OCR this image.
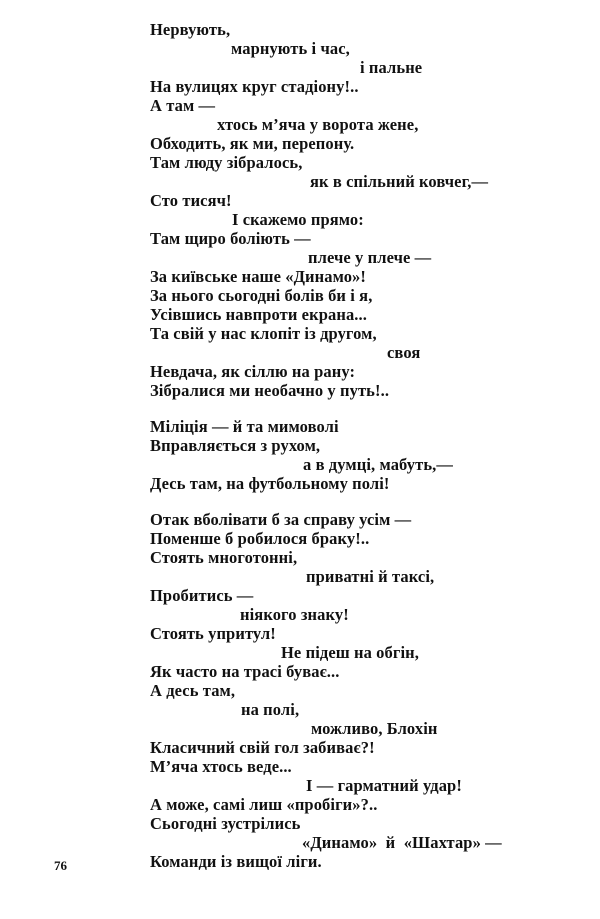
Нервують,
марнують і час,
і пальне
На вулицях круг стадіону!..
А там —
хтось м’яча у ворота жене,
Обходить, як ми, перепону.
Там люду зібралось,
як в спільний ковчег,—
Сто тисяч!
І скажемо прямо:
Там щиро боліють —
плече у плече —
За київське наше «Динамо»!
За нього сьогодні болів би і я,
Усівшись навпроти екрана...
Та свій у нас клопіт із другом,
своя
Невдача, як сіллю на рану:
Зібралися ми необачно у путь!..
Міліція — й та мимоволі
Вправляється з рухом,
а в думці, мабуть,—
Десь там, на футбольному полі!
Отак вболівати б за справу усім —
Поменше б робилося браку!..
Стоять многотонні,
приватні й таксі,
Пробитись —
ніякого знаку!
Стоять упритул!
Не підеш на обгін,
Як часто на трасі буває...
А десь там,
на полі,
можливо, Блохін
Класичний свій гол забиває?!
М’яча хтось веде...
І — гарматний удар!
А може, самі лиш «пробіги»?..
Сьогодні зустрілись
«Динамо»  й  «Шахтар» —
Команди із вищої ліги.
76
